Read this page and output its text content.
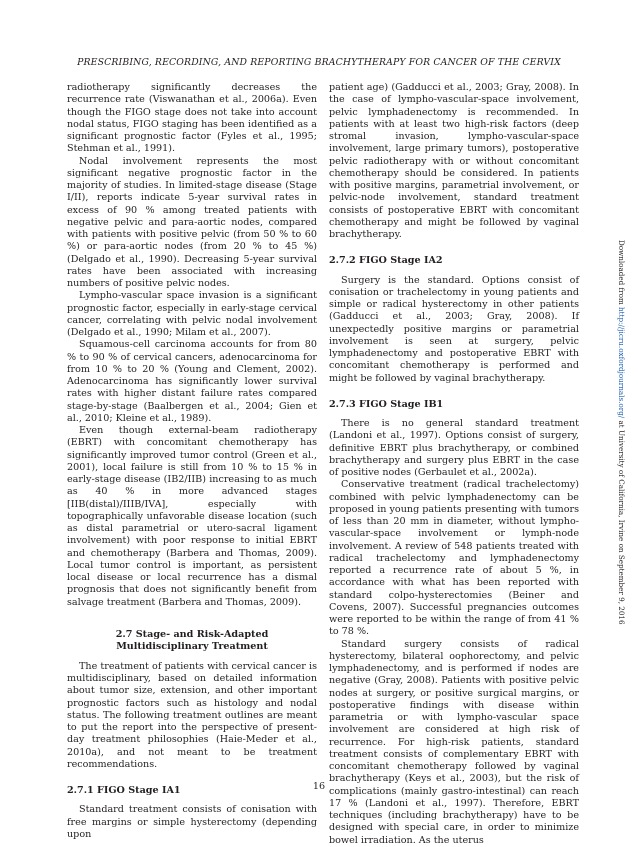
PRESCRIBING, RECORDING, AND REPORTING BRACHYTHERAPY FOR CANCER OF THE CERVIX

radiotherapy significantly decreases the recurrence rate (Viswanathan et al., 2006a). Even though the FIGO stage does not take into account nodal status, FIGO staging has been identified as a significant prognostic factor (Fyles et al., 1995; Stehman et al., 1991).

Nodal involvement represents the most significant negative prognostic factor in the majority of studies. In limited-stage disease (Stage I/II), reports indicate 5-year survival rates in excess of 90 % among treated patients with negative pelvic and para-aortic nodes, compared with patients with positive pelvic (from 50 % to 60 %) or para-aortic nodes (from 20 % to 45 %) (Delgado et al., 1990). Decreasing 5-year survival rates have been associated with increasing numbers of positive pelvic nodes.

Lympho-vascular space invasion is a significant prognostic factor, especially in early-stage cervical cancer, correlating with pelvic nodal involvement (Delgado et al., 1990; Milam et al., 2007).

Squamous-cell carcinoma accounts for from 80 % to 90 % of cervical cancers, adenocarcinoma for from 10 % to 20 % (Young and Clement, 2002). Adenocarcinoma has significantly lower survival rates with higher distant failure rates compared stage-by-stage (Baalbergen et al., 2004; Gien et al., 2010; Kleine et al., 1989).

Even though external-beam radiotherapy (EBRT) with concomitant chemotherapy has significantly improved tumor control (Green et al., 2001), local failure is still from 10 % to 15 % in early-stage disease (IB2/IIB) increasing to as much as 40 % in more advanced stages [IIB(distal)/IIIB/IVA], especially with topographically unfavorable disease location (such as distal parametrial or utero-sacral ligament involvement) with poor response to initial EBRT and chemotherapy (Barbera and Thomas, 2009). Local tumor control is important, as persistent local disease or local recurrence has a dismal prognosis that does not significantly benefit from salvage treatment (Barbera and Thomas, 2009).

2.7 Stage- and Risk-Adapted
Multidisciplinary Treatment

The treatment of patients with cervical cancer is multidisciplinary, based on detailed information about tumor size, extension, and other important prognostic factors such as histology and nodal status. The following treatment outlines are meant to put the report into the perspective of present-day treatment philosophies (Haie-Meder et al., 2010a), and not meant to be treatment recommendations.

2.7.1 FIGO Stage IA1

Standard treatment consists of conisation with free margins or simple hysterectomy (depending upon

patient age) (Gadducci et al., 2003; Gray, 2008). In the case of lympho-vascular-space involvement, pelvic lymphadenectomy is recommended. In patients with at least two high-risk factors (deep stromal invasion, lympho-vascular-space involvement, large primary tumors), postoperative pelvic radiotherapy with or without concomitant chemotherapy should be considered. In patients with positive margins, parametrial involvement, or pelvic-node involvement, standard treatment consists of postoperative EBRT with concomitant chemotherapy and might be followed by vaginal brachytherapy.

2.7.2 FIGO Stage IA2

Surgery is the standard. Options consist of conisation or trachelectomy in young patients and simple or radical hysterectomy in other patients (Gadducci et al., 2003; Gray, 2008). If unexpectedly positive margins or parametrial involvement is seen at surgery, pelvic lymphadenectomy and postoperative EBRT with concomitant chemotherapy is performed and might be followed by vaginal brachytherapy.

2.7.3 FIGO Stage IB1

There is no general standard treatment (Landoni et al., 1997). Options consist of surgery, definitive EBRT plus brachytherapy, or combined brachytherapy and surgery plus EBRT in the case of positive nodes (Gerbaulet et al., 2002a).

Conservative treatment (radical trachelectomy) combined with pelvic lymphadenectomy can be proposed in young patients presenting with tumors of less than 20 mm in diameter, without lympho-vascular-space involvement or lymph-node involvement. A review of 548 patients treated with radical trachelectomy and lymphadenectomy reported a recurrence rate of about 5 %, in accordance with what has been reported with standard colpo-hysterectomies (Beiner and Covens, 2007). Successful pregnancies outcomes were reported to be within the range of from 41 % to 78 %.

Standard surgery consists of radical hysterectomy, bilateral oophorectomy, and pelvic lymphadenectomy, and is performed if nodes are negative (Gray, 2008). Patients with positive pelvic nodes at surgery, or positive surgical margins, or postoperative findings with disease within parametria or with lympho-vascular space involvement are considered at high risk of recurrence. For high-risk patients, standard treatment consists of complementary EBRT with concomitant chemotherapy followed by vaginal brachytherapy (Keys et al., 2003), but the risk of complications (mainly gastro-intestinal) can reach 17 % (Landoni et al., 1997). Therefore, EBRT techniques (including brachytherapy) have to be designed with special care, in order to minimize bowel irradiation. As the uterus

Downloaded from http://jicru.oxfordjournals.org/ at University of California, Irvine on September 9, 2016
16
